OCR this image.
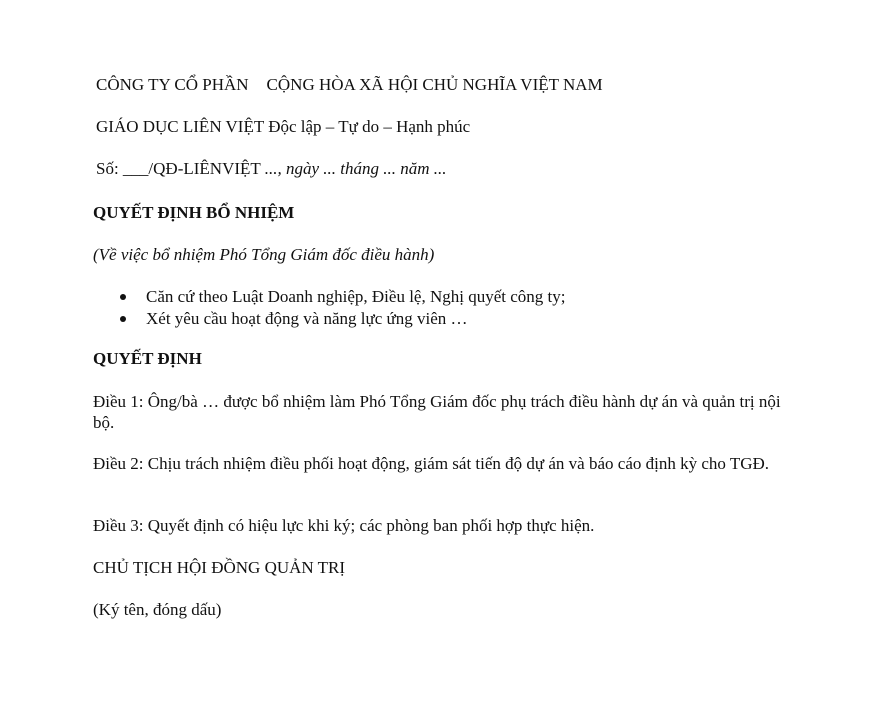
CÔNG TY CỔ PHẦN CỘNG HÒA XÃ HỘI CHỦ NGHĨA VIỆT NAM
GIÁO DỤC LIÊN VIỆT Độc lập – Tự do – Hạnh phúc
Số: ___/QĐ-LIÊNVIỆT ..., ngày ... tháng ... năm ...
QUYẾT ĐỊNH BỔ NHIỆM
(Về việc bổ nhiệm Phó Tổng Giám đốc điều hành)
Căn cứ theo Luật Doanh nghiệp, Điều lệ, Nghị quyết công ty;
Xét yêu cầu hoạt động và năng lực ứng viên …
QUYẾT ĐỊNH
Điều 1: Ông/bà … được bổ nhiệm làm Phó Tổng Giám đốc phụ trách điều hành dự án và quản trị nội bộ.
Điều 2: Chịu trách nhiệm điều phối hoạt động, giám sát tiến độ dự án và báo cáo định kỳ cho TGĐ.
Điều 3: Quyết định có hiệu lực khi ký; các phòng ban phối hợp thực hiện.
CHỦ TỊCH HỘI ĐỒNG QUẢN TRỊ
(Ký tên, đóng dấu)
